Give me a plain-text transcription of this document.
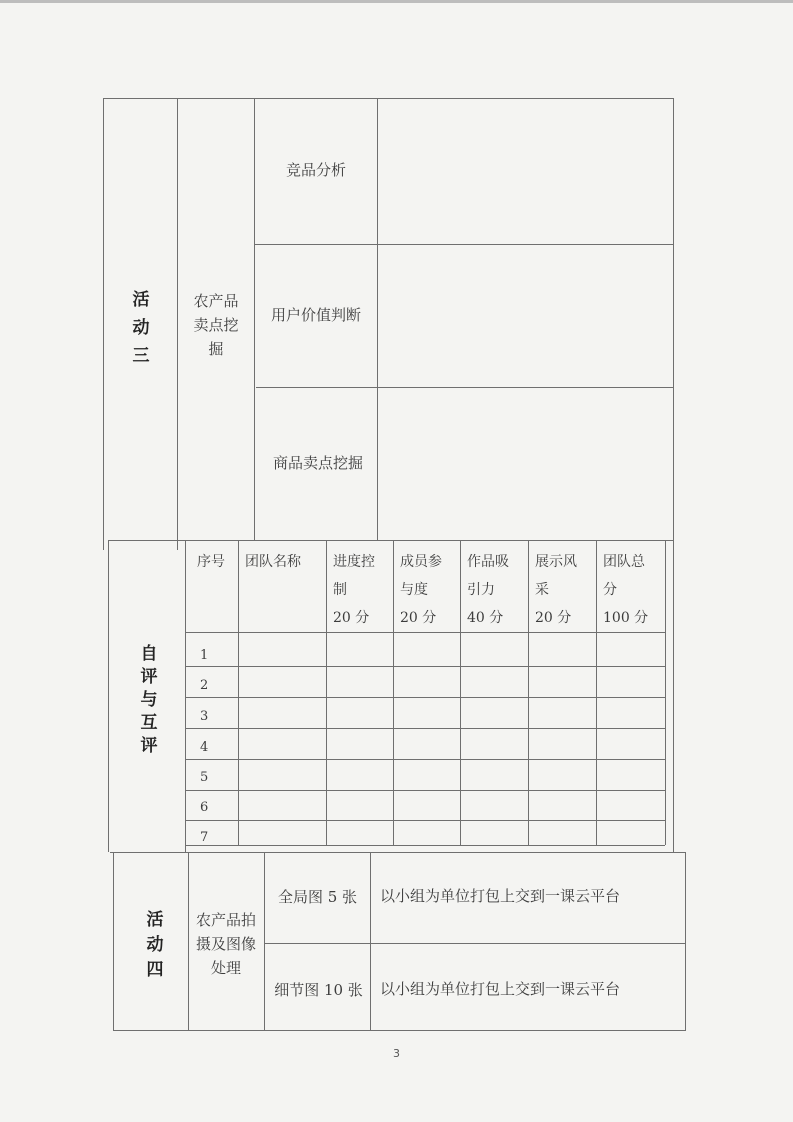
活动三
农产品卖点挖掘
竞品分析
用户价值判断
商品卖点挖掘
自评与互评
序号 团队名称 进度控
制
20 分
成员参
与度
20 分
作品吸
引力
40 分
展示风
采
20 分
团队总
分
100 分
1
2
3
4
5
6
7
活动四
农产品拍摄及图像处理
全局图 5 张 以小组为单位打包上交到一课云平台
细节图 10 张 以小组为单位打包上交到一课云平台
3
